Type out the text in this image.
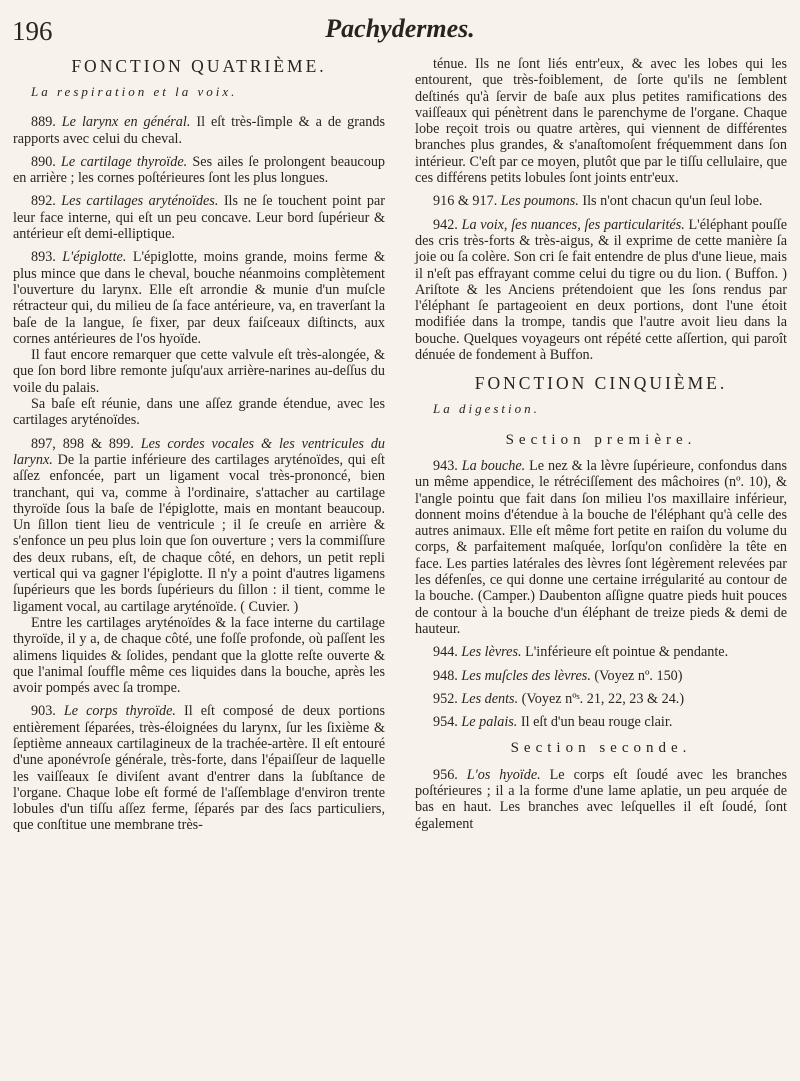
196	Pachydermes.
FONCTION QUATRIÈME.
La respiration et la voix.

889. Le larynx en général. Il eſt très-ſimple & a de grands rapports avec celui du cheval.

890. Le cartilage thyroïde. Ses ailes ſe prolongent beaucoup en arrière ; les cornes poſtérieures ſont les plus longues.

892. Les cartilages aryténoïdes. Ils ne ſe touchent point par leur face interne, qui eſt un peu concave. Leur bord ſupérieur & antérieur eſt demi-elliptique.

893. L'épiglotte. L'épiglotte, moins grande, moins ferme & plus mince que dans le cheval, bouche néanmoins complètement l'ouverture du larynx. Elle eſt arrondie & munie d'un muſcle rétracteur qui, du milieu de ſa face antérieure, va, en traverſant la baſe de la langue, ſe fixer, par deux faiſceaux diſtincts, aux cornes antérieures de l'os hyoïde.

Il faut encore remarquer que cette valvule eſt très-alongée, & que ſon bord libre remonte juſqu'aux arrière-narines au-deſſus du voile du palais.

Sa baſe eſt réunie, dans une aſſez grande étendue, avec les cartilages aryténoïdes.

897, 898 & 899. Les cordes vocales & les ventricules du larynx. De la partie inférieure des cartilages aryténoïdes, qui eſt aſſez enfoncée, part un ligament vocal très-prononcé, bien tranchant, qui va, comme à l'ordinaire, s'attacher au cartilage thyroïde ſous la baſe de l'épiglotte, mais en montant beaucoup. Un ſillon tient lieu de ventricule ; il ſe creuſe en arrière & s'enfonce un peu plus loin que ſon ouverture ; vers la commiſſure des deux rubans, eſt, de chaque côté, en dehors, un petit repli vertical qui va gagner l'épiglotte. Il n'y a point d'autres ligamens ſupérieurs que les bords ſupérieurs du ſillon : il tient, comme le ligament vocal, au cartilage aryténoïde. ( Cuvier. )

Entre les cartilages aryténoïdes & la face interne du cartilage thyroïde, il y a, de chaque côté, une foſſe profonde, où paſſent les alimens liquides & ſolides, pendant que la glotte reſte ouverte & que l'animal ſouffle même ces liquides dans la bouche, après les avoir pompés avec ſa trompe.

903. Le corps thyroïde. Il eſt composé de deux portions entièrement ſéparées, très-éloignées du larynx, ſur les ſixième & ſeptième anneaux cartilagineux de la trachée-artère. Il eſt entouré d'une aponévroſe générale, très-forte, dans l'épaiſſeur de laquelle les vaiſſeaux ſe diviſent avant d'entrer dans la ſubſtance de l'organe. Chaque lobe eſt formé de l'aſſemblage d'environ trente lobules d'un tiſſu aſſez ferme, ſéparés par des ſacs particuliers, que conſtitue une membrane très-

ténue. Ils ne ſont liés entr'eux, & avec les lobes qui les entourent, que très-foiblement, de ſorte qu'ils ne ſemblent deſtinés qu'à ſervir de baſe aux plus petites ramifications des vaiſſeaux qui pénètrent dans le parenchyme de l'organe. Chaque lobe reçoit trois ou quatre artères, qui viennent de différentes branches plus grandes, & s'anaſtomoſent fréquemment dans ſon intérieur. C'eſt par ce moyen, plutôt que par le tiſſu cellulaire, que ces différens petits lobules ſont joints entr'eux.

916 & 917. Les poumons. Ils n'ont chacun qu'un ſeul lobe.

942. La voix, ſes nuances, ſes particularités. L'éléphant pouſſe des cris très-forts & très-aigus, & il exprime de cette manière ſa joie ou ſa colère. Son cri ſe fait entendre de plus d'une lieue, mais il n'eſt pas effrayant comme celui du tigre ou du lion. ( Buffon. ) Ariſtote & les Anciens prétendoient que les ſons rendus par l'éléphant ſe partageoient en deux portions, dont l'une étoit modifiée dans la trompe, tandis que l'autre avoit lieu dans la bouche. Quelques voyageurs ont répété cette aſſertion, qui paroît dénuée de fondement à Buffon.

FONCTION CINQUIÈME.
La digestion.
Section première.

943. La bouche. Le nez & la lèvre ſupérieure, confondus dans un même appendice, le rétréciſſement des mâchoires (nº. 10), & l'angle pointu que fait dans ſon milieu l'os maxillaire inférieur, donnent moins d'étendue à la bouche de l'éléphant qu'à celle des autres animaux. Elle eſt même fort petite en raiſon du volume du corps, & parfaitement maſquée, lorſqu'on conſidère la tête en face. Les parties latérales des lèvres ſont légèrement relevées par les défenſes, ce qui donne une certaine irrégularité au contour de la bouche. (Camper.) Daubenton aſſigne quatre pieds huit pouces de contour à la bouche d'un éléphant de treize pieds & demi de hauteur.

944. Les lèvres. L'inférieure eſt pointue & pendante.

948. Les muſcles des lèvres. (Voyez nº. 150)

952. Les dents. (Voyez nºˢ. 21, 22, 23 & 24.)

954. Le palais. Il eſt d'un beau rouge clair.

Section seconde.

956. L'os hyoïde. Le corps eſt ſoudé avec les branches poſtérieures ; il a la forme d'une lame aplatie, un peu arquée de bas en haut. Les branches avec leſquelles il eſt ſoudé, ſont également
